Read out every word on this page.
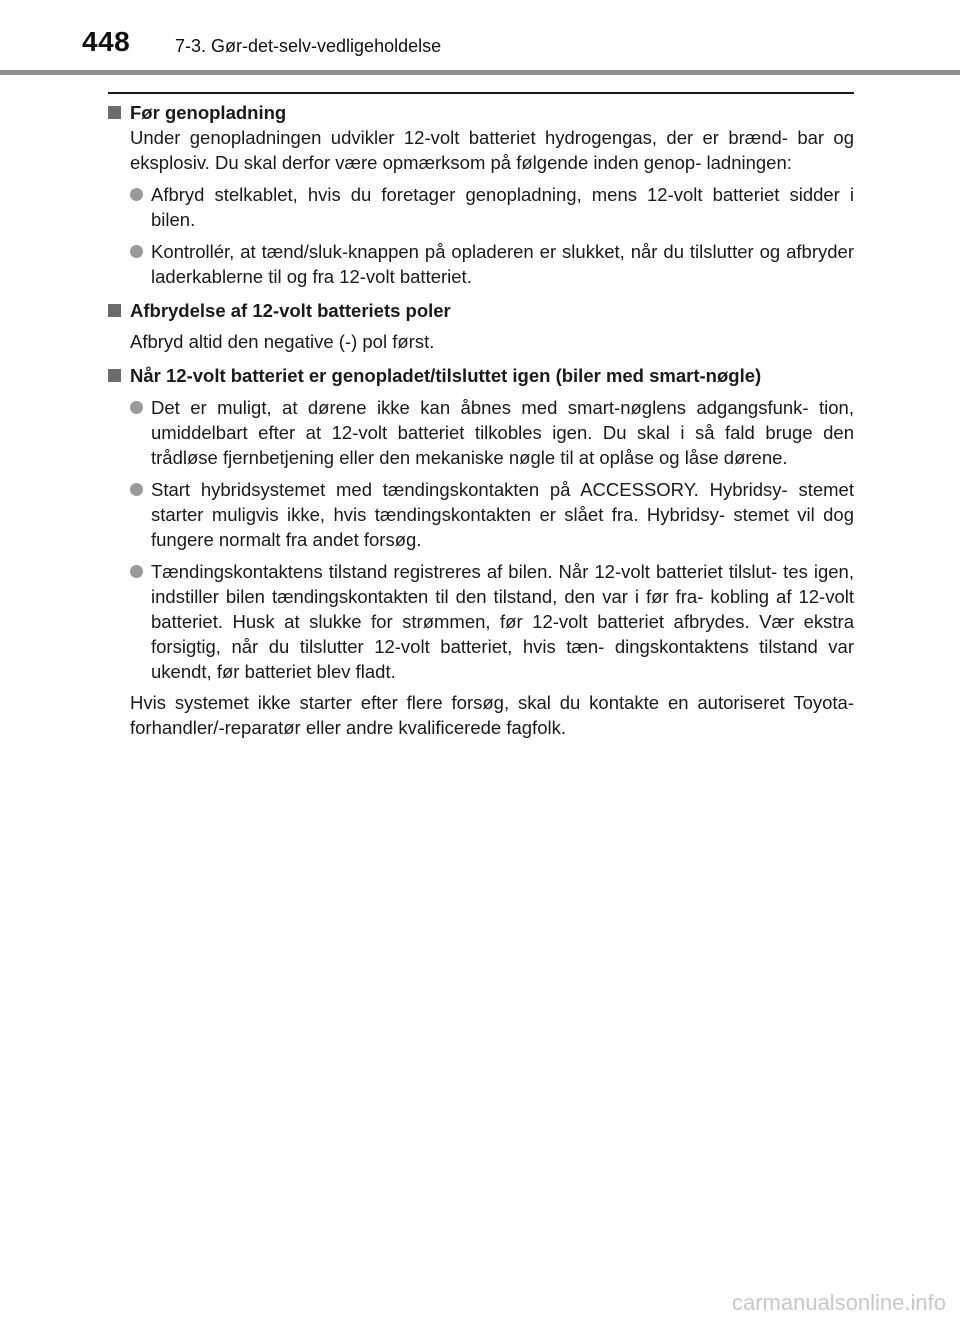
448 7-3. Gør-det-selv-vedligeholdelse
Før genopladning
Under genopladningen udvikler 12-volt batteriet hydrogengas, der er brænd- bar og eksplosiv. Du skal derfor være opmærksom på følgende inden genop- ladningen:
Afbryd stelkablet, hvis du foretager genopladning, mens 12-volt batteriet sidder i bilen.
Kontrollér, at tænd/sluk-knappen på opladeren er slukket, når du tilslutter og afbryder laderkablerne til og fra 12-volt batteriet.
Afbrydelse af 12-volt batteriets poler
Afbryd altid den negative (-) pol først.
Når 12-volt batteriet er genopladet/tilsluttet igen (biler med smart-nøgle)
Det er muligt, at dørene ikke kan åbnes med smart-nøglens adgangsfunk- tion, umiddelbart efter at 12-volt batteriet tilkobles igen. Du skal i så fald bruge den trådløse fjernbetjening eller den mekaniske nøgle til at oplåse og låse dørene.
Start hybridsystemet med tændingskontakten på ACCESSORY. Hybridsy- stemet starter muligvis ikke, hvis tændingskontakten er slået fra. Hybridsy- stemet vil dog fungere normalt fra andet forsøg.
Tændingskontaktens tilstand registreres af bilen. Når 12-volt batteriet tilslut- tes igen, indstiller bilen tændingskontakten til den tilstand, den var i før fra- kobling af 12-volt batteriet. Husk at slukke for strømmen, før 12-volt batteriet afbrydes. Vær ekstra forsigtig, når du tilslutter 12-volt batteriet, hvis tæn- dingskontaktens tilstand var ukendt, før batteriet blev fladt.
Hvis systemet ikke starter efter flere forsøg, skal du kontakte en autoriseret Toyota-forhandler/-reparatør eller andre kvalificerede fagfolk.
carmanualsonline.info
